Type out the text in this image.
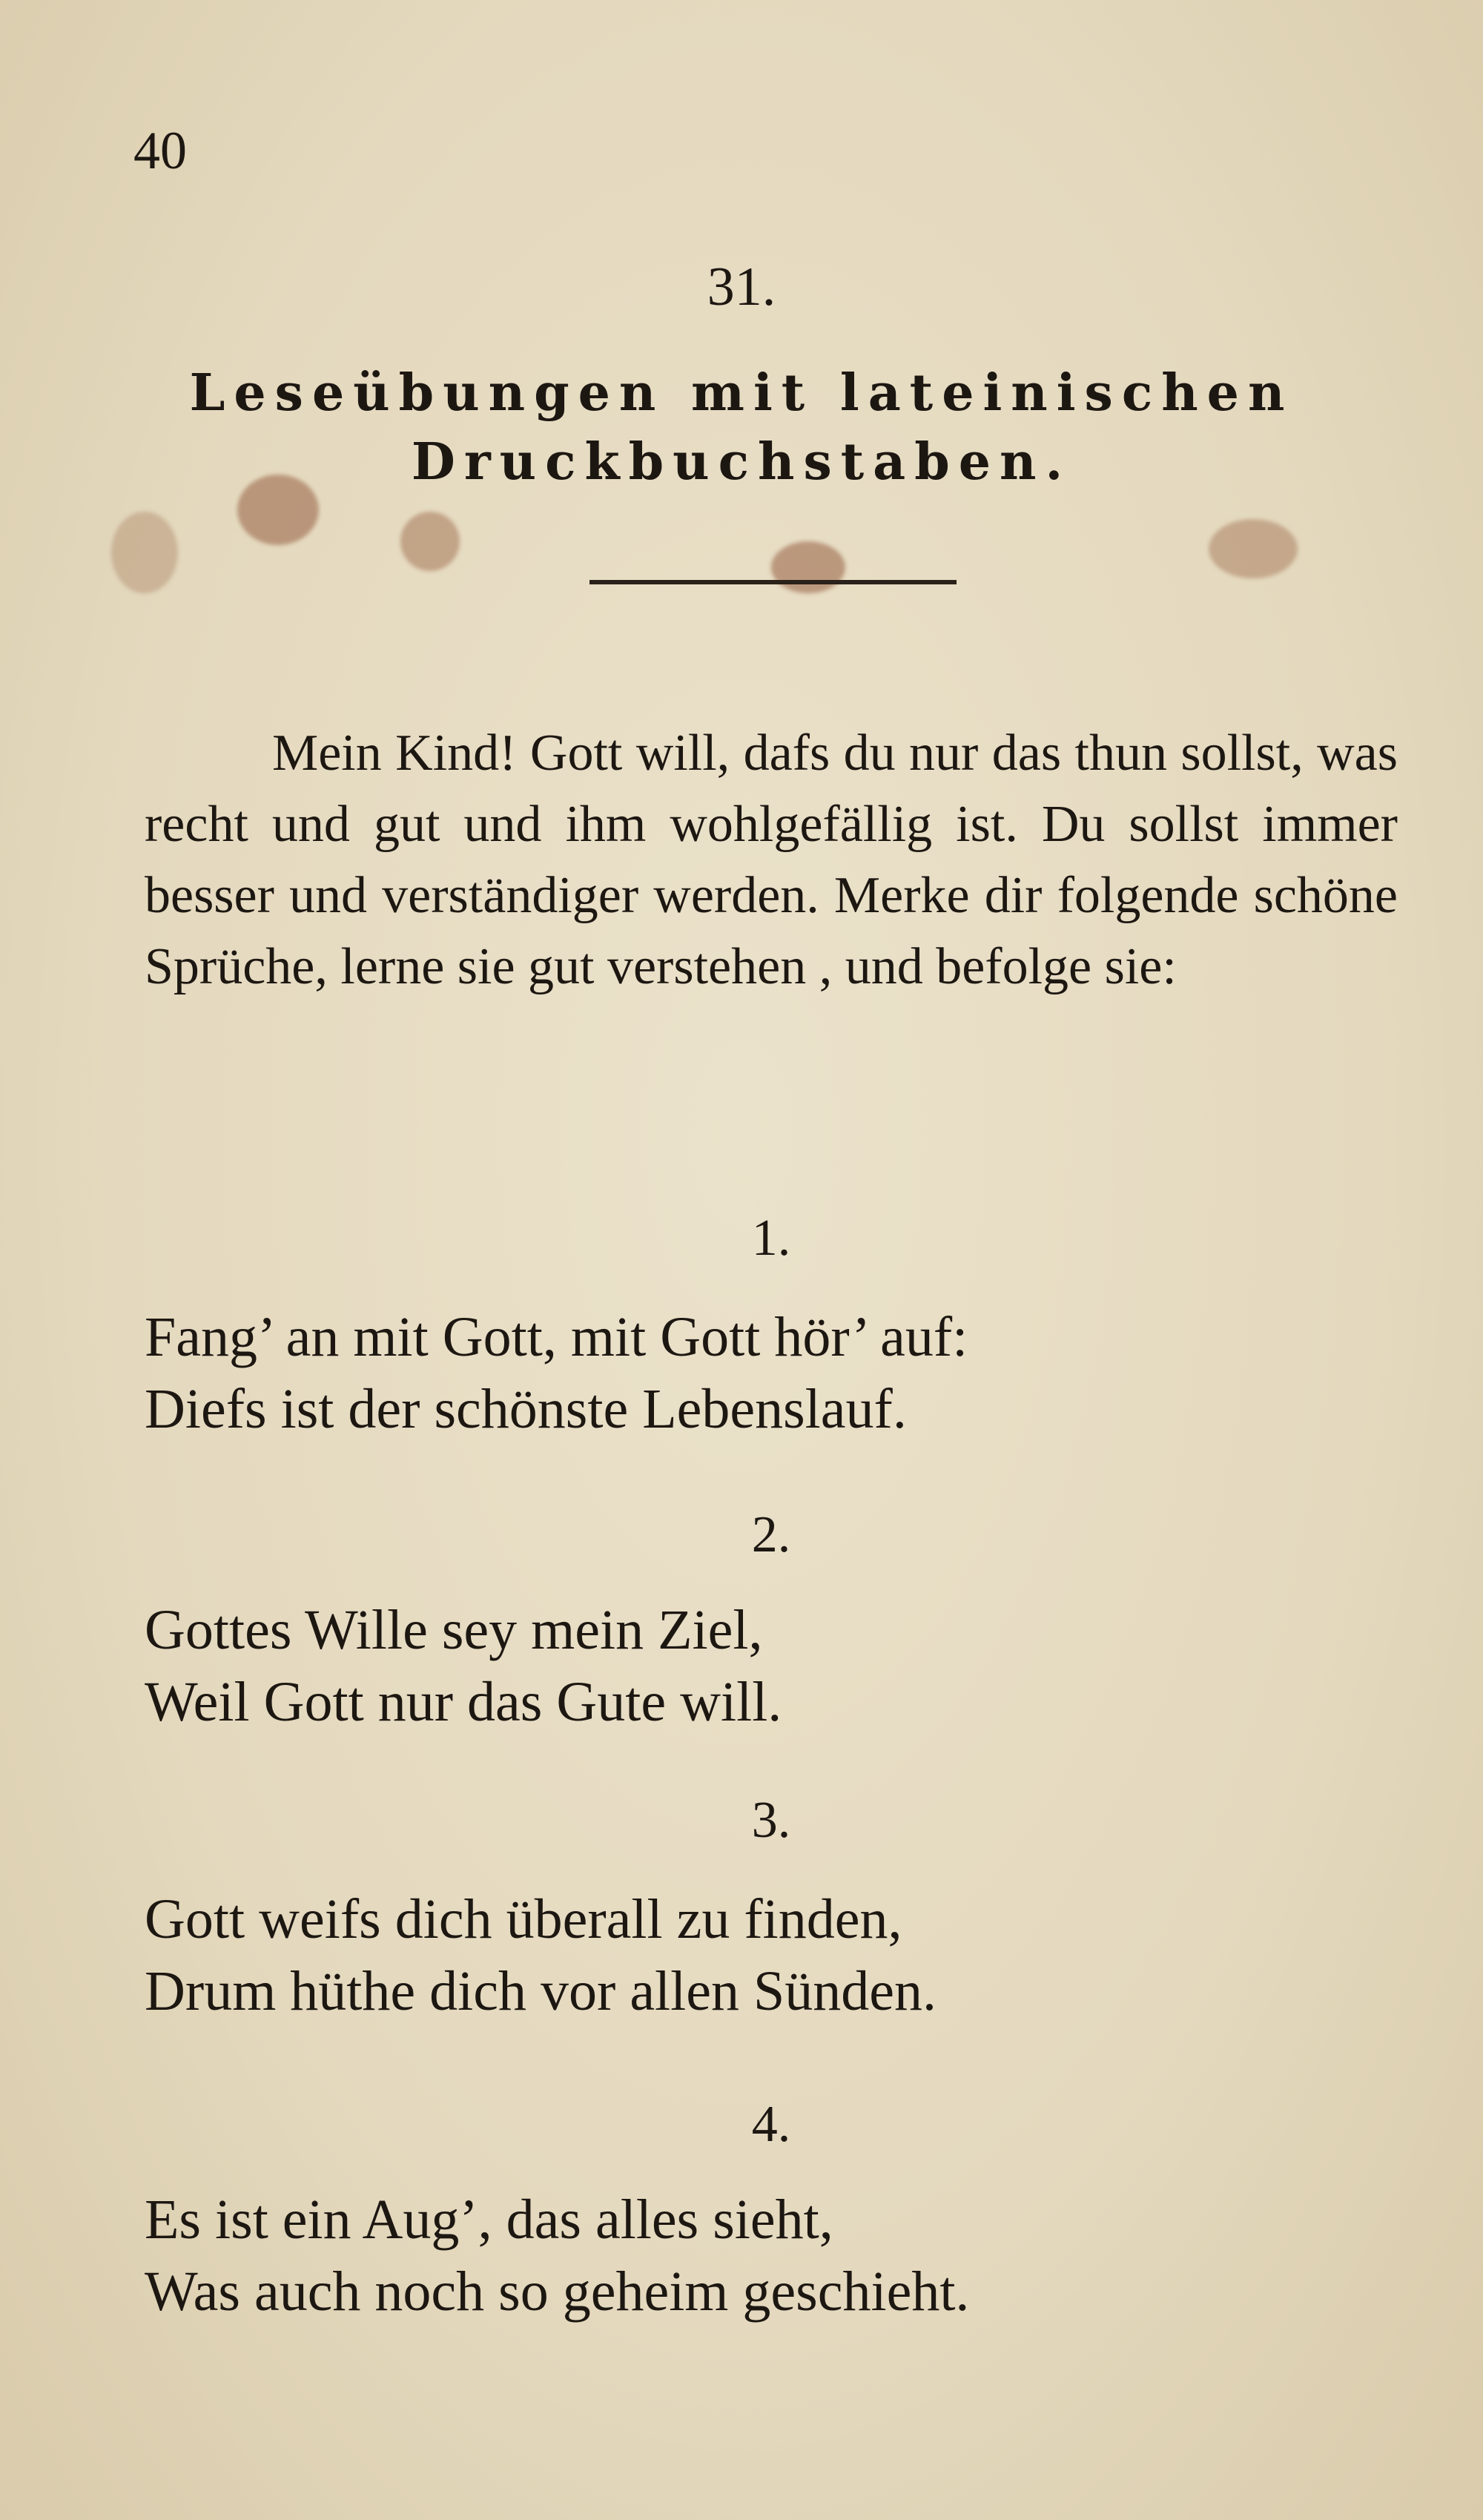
40
31.
Leseübungen mit lateinischen
Druckbuchstaben.
Mein Kind! Gott will, dafs du nur das thun sollst, was recht und gut und ihm wohlgefällig ist. Du sollst immer besser und verständiger werden. Merke dir folgende schöne Sprüche, lerne sie gut verstehen , und befolge sie:
1.
Fang’ an mit Gott, mit Gott hör’ auf:
Diefs ist der schönste Lebenslauf.
2.
Gottes Wille sey mein Ziel,
Weil Gott nur das Gute will.
3.
Gott weifs dich überall zu finden,
Drum hüthe dich vor allen Sünden.
4.
Es ist ein Aug’, das alles sieht,
Was auch noch so geheim geschieht.
